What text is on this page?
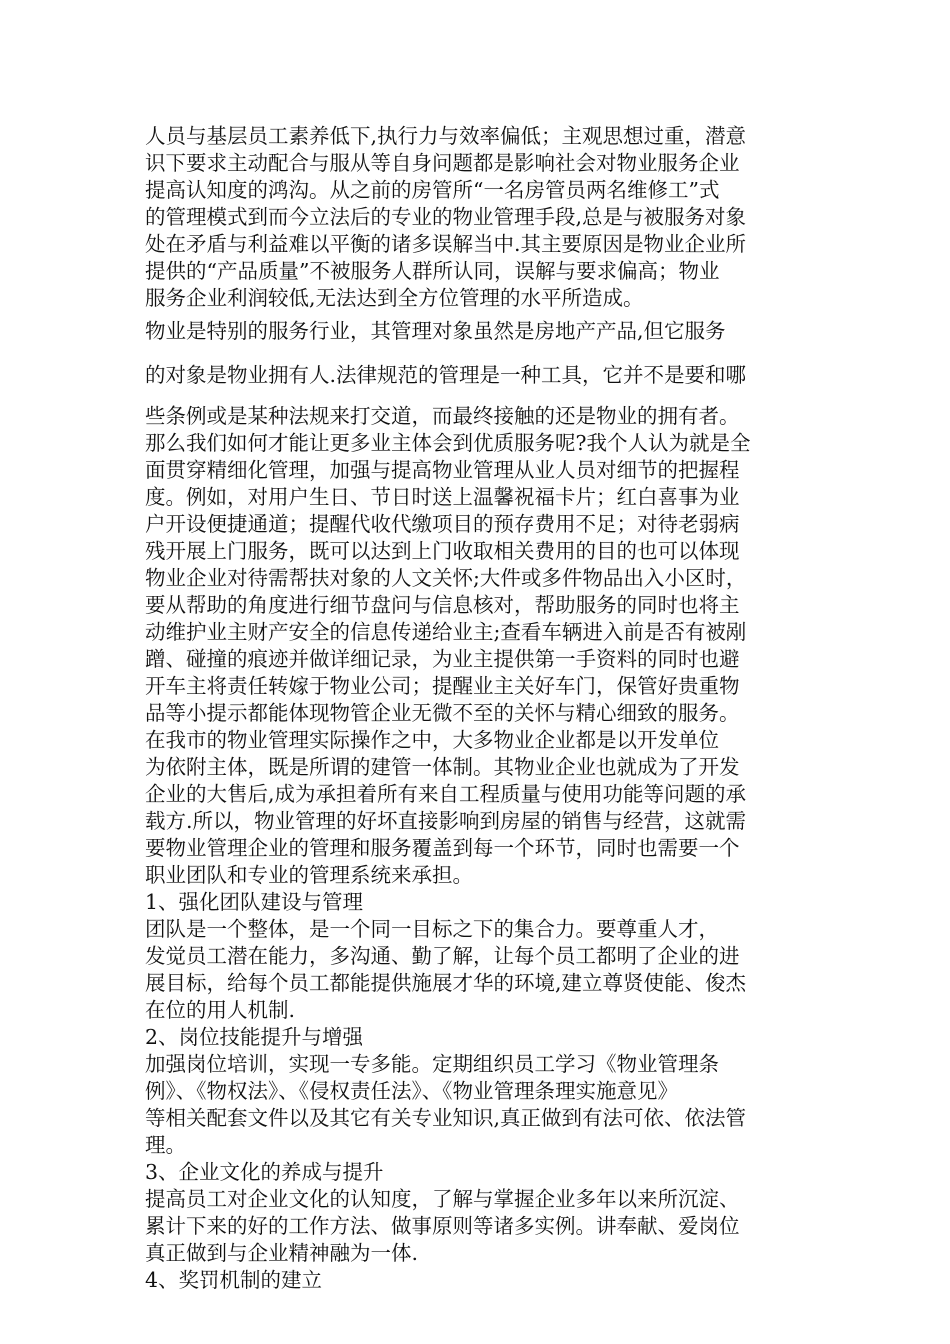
人员与基层员工素养低下,执行力与效率偏低；主观思想过重，潜意
识下要求主动配合与服从等自身问题都是影响社会对物业服务企业
提高认知度的鸿沟。从之前的房管所“一名房管员两名维修工”式
的管理模式到而今立法后的专业的物业管理手段,总是与被服务对象
处在矛盾与利益难以平衡的诸多误解当中.其主要原因是物业企业所
提供的“产品质量”不被服务人群所认同，误解与要求偏高；物业
服务企业利润较低,无法达到全方位管理的水平所造成。
物业是特别的服务行业，其管理对象虽然是房地产产品,但它服务
的对象是物业拥有人.法律规范的管理是一种工具，它并不是要和哪
些条例或是某种法规来打交道，而最终接触的还是物业的拥有者。
那么我们如何才能让更多业主体会到优质服务呢?我个人认为就是全
面贯穿精细化管理，加强与提高物业管理从业人员对细节的把握程
度。例如，对用户生日、节日时送上温馨祝福卡片；红白喜事为业
户开设便捷通道；提醒代收代缴项目的预存费用不足；对待老弱病
残开展上门服务，既可以达到上门收取相关费用的目的也可以体现
物业企业对待需帮扶对象的人文关怀;大件或多件物品出入小区时，
要从帮助的角度进行细节盘问与信息核对，帮助服务的同时也将主
动维护业主财产安全的信息传递给业主;查看车辆进入前是否有被剐
蹭、碰撞的痕迹并做详细记录，为业主提供第一手资料的同时也避
开车主将责任转嫁于物业公司；提醒业主关好车门，保管好贵重物
品等小提示都能体现物管企业无微不至的关怀与精心细致的服务。
在我市的物业管理实际操作之中，大多物业企业都是以开发单位
为依附主体，既是所谓的建管一体制。其物业企业也就成为了开发
企业的大售后,成为承担着所有来自工程质量与使用功能等问题的承
载方.所以，物业管理的好坏直接影响到房屋的销售与经营，这就需
要物业管理企业的管理和服务覆盖到每一个环节，同时也需要一个
职业团队和专业的管理系统来承担。
1、强化团队建设与管理
团队是一个整体，是一个同一目标之下的集合力。要尊重人才，
发觉员工潜在能力，多沟通、勤了解，让每个员工都明了企业的进
展目标，给每个员工都能提供施展才华的环境,建立尊贤使能、俊杰
在位的用人机制.
2、岗位技能提升与增强
加强岗位培训，实现一专多能。定期组织员工学习《物业管理条
例》、《物权法》、《侵权责任法》、《物业管理条理实施意见》
等相关配套文件以及其它有关专业知识,真正做到有法可依、依法管
理。
3、企业文化的养成与提升
提高员工对企业文化的认知度，了解与掌握企业多年以来所沉淀、
累计下来的好的工作方法、做事原则等诸多实例。讲奉献、爱岗位
真正做到与企业精神融为一体.
4、奖罚机制的建立
